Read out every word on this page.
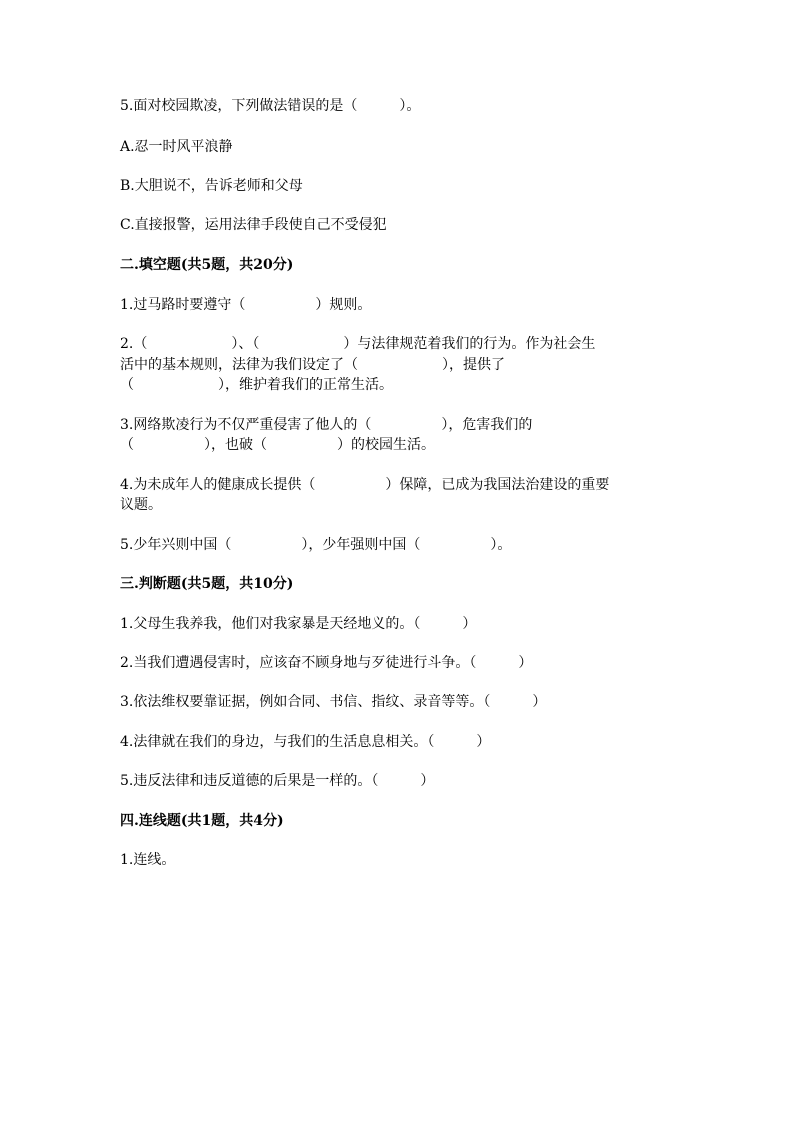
5.面对校园欺凌，下列做法错误的是（　　　）。
A.忍一时风平浪静
B.大胆说不，告诉老师和父母
C.直接报警，运用法律手段使自己不受侵犯
二.填空题(共5题，共20分)
1.过马路时要遵守（　　　　　）规则。
2.（　　　　　　）、（　　　　　　）与法律规范着我们的行为。作为社会生
活中的基本规则，法律为我们设定了（　　　　　　），提供了
（　　　　　　），维护着我们的正常生活。
3.网络欺凌行为不仅严重侵害了他人的（　　　　　），危害我们的
（　　　　　），也破（　　　　　）的校园生活。
4.为未成年人的健康成长提供（　　　　　）保障，已成为我国法治建设的重要
议题。
5.少年兴则中国（　　　　　），少年强则中国（　　　　　）。
三.判断题(共5题，共10分)
1.父母生我养我，他们对我家暴是天经地义的。（　　　）
2.当我们遭遇侵害时，应该奋不顾身地与歹徒进行斗争。（　　　）
3.依法维权要靠证据，例如合同、书信、指纹、录音等等。（　　　）
4.法律就在我们的身边，与我们的生活息息相关。（　　　）
5.违反法律和违反道德的后果是一样的。（　　　）
四.连线题(共1题，共4分)
1.连线。
